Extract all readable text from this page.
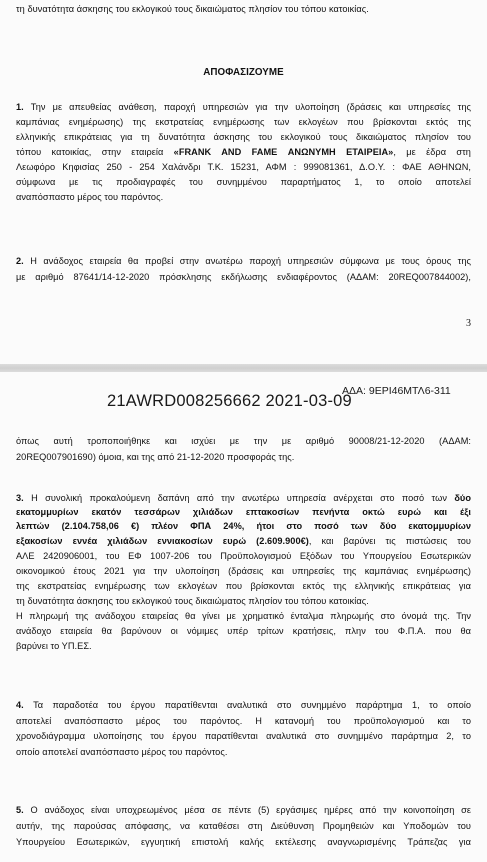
τη δυνατότητα άσκησης του εκλογικού τους δικαιώματος πλησίον του τόπου κατοικίας.
ΑΠΟΦΑΣΙΖΟΥΜΕ
1. Την με απευθείας ανάθεση, παροχή υπηρεσιών για την υλοποίηση (δράσεις και υπηρεσίες της
καμπάνιας ενημέρωσης) της εκστρατείας ενημέρωσης των εκλογέων που βρίσκονται εκτός της
ελληνικής επικράτειας για τη δυνατότητα άσκησης του εκλογικού τους δικαιώματος πλησίον του
τόπου κατοικίας, στην εταιρεία «FRANK AND FAME ΑΝΩΝΥΜΗ ΕΤΑΙΡΕΙΑ», με έδρα στη
Λεωφόρο Κηφισίας 250 - 254 Χαλάνδρι Τ.Κ. 15231, ΑΦΜ : 999081361, Δ.Ο.Υ. : ΦΑΕ ΑΘΗΝΩΝ,
σύμφωνα με τις προδιαγραφές του συνημμένου παραρτήματος 1, το οποίο αποτελεί
αναπόσπαστο μέρος του παρόντος.
2. Η ανάδοχος εταιρεία θα προβεί στην ανωτέρω παροχή υπηρεσιών σύμφωνα με τους όρους της
με αριθμό 87641/14-12-2020 πρόσκλησης εκδήλωσης ενδιαφέροντος (ΑΔΑΜ: 20REQ007844002),
3
ΑΔΑ: 9ΕΡΙ46ΜΤΛ6-311
21AWRD008256662 2021-03-09
όπως αυτή τροποποιήθηκε και ισχύει με την με αριθμό 90008/21-12-2020 (ΑΔΑΜ:
20REQ007901690) όμοια, και της από 21-12-2020 προσφοράς της.
3. Η συνολική προκαλούμενη δαπάνη από την ανωτέρω υπηρεσία ανέρχεται στο ποσό των δύο
εκατομμυρίων εκατόν τεσσάρων χιλιάδων επτακοσίων πενήντα οκτώ ευρώ και έξι
λεπτών (2.104.758,06 €) πλέον ΦΠΑ 24%, ήτοι στο ποσό των δύο εκατομμυρίων
εξακοσίων εννέα χιλιάδων εννιακοσίων ευρώ (2.609.900€), και βαρύνει τις πιστώσεις του
ΑΛΕ 2420906001, του ΕΦ 1007-206 του Προϋπολογισμού Εξόδων του Υπουργείου Εσωτερικών
οικονομικού έτους 2021 για την υλοποίηση (δράσεις και υπηρεσίες της καμπάνιας ενημέρωσης)
της εκστρατείας ενημέρωσης των εκλογέων που βρίσκονται εκτός της ελληνικής επικράτειας για
τη δυνατότητα άσκησης του εκλογικού τους δικαιώματος πλησίον του τόπου κατοικίας.
Η πληρωμή της ανάδοχου εταιρείας θα γίνει με χρηματικό ένταλμα πληρωμής στο όνομά της. Την
ανάδοχο εταιρεία θα βαρύνουν οι νόμιμες υπέρ τρίτων κρατήσεις, πλην του Φ.Π.Α. που θα
βαρύνει το ΥΠ.ΕΣ.
4. Τα παραδοτέα του έργου παρατίθενται αναλυτικά στο συνημμένο παράρτημα 1, το οποίο
αποτελεί αναπόσπαστο μέρος του παρόντος. Η κατανομή του προϋπολογισμού και το
χρονοδιάγραμμα υλοποίησης του έργου παρατίθενται αναλυτικά στο συνημμένο παράρτημα 2, το
οποίο αποτελεί αναπόσπαστο μέρος του παρόντος.
5. Ο ανάδοχος είναι υποχρεωμένος μέσα σε πέντε (5) εργάσιμες ημέρες από την κοινοποίηση σε
αυτήν, της παρούσας απόφασης, να καταθέσει στη Διεύθυνση Προμηθειών και Υποδομών του
Υπουργείου Εσωτερικών, εγγυητική επιστολή καλής εκτέλεσης αναγνωρισμένης Τράπεζας για
